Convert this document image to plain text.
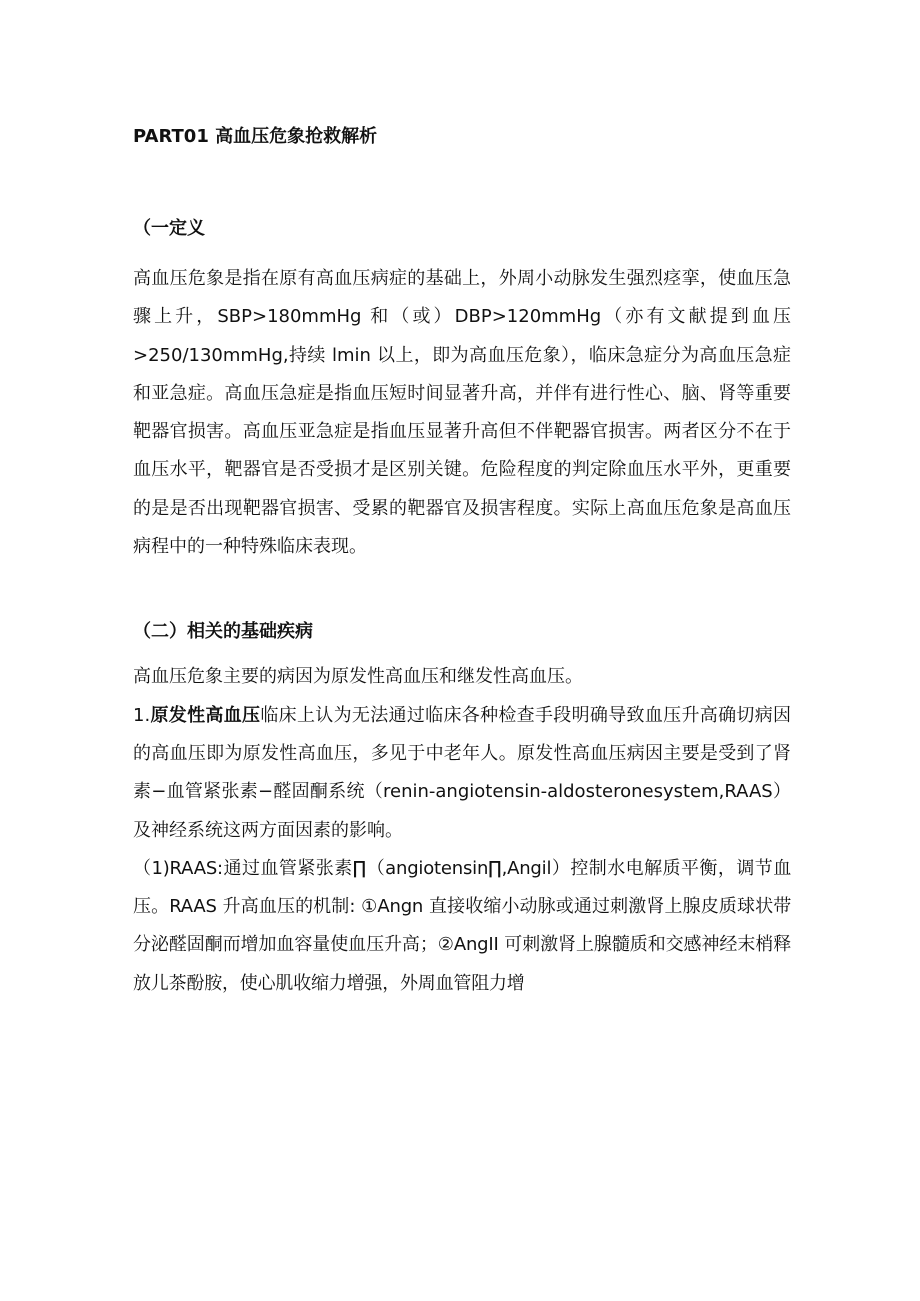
PART01 高血压危象抢救解析

（一定义

高血压危象是指在原有高血压病症的基础上，外周小动脉发生强烈痉挛，使血压急骤上升，SBP>180mmHg 和（或）DBP>120mmHg（亦有文献提到血压>250/130mmHg,持续 lmin 以上，即为高血压危象），临床急症分为高血压急症和亚急症。高血压急症是指血压短时间显著升高，并伴有进行性心、脑、肾等重要靶器官损害。高血压亚急症是指血压显著升高但不伴靶器官损害。两者区分不在于血压水平，靶器官是否受损才是区别关键。危险程度的判定除血压水平外，更重要的是是否出现靶器官损害、受累的靶器官及损害程度。实际上高血压危象是高血压病程中的一种特殊临床表现。

（二）相关的基础疾病

高血压危象主要的病因为原发性高血压和继发性高血压。

1.原发性高血压临床上认为无法通过临床各种检查手段明确导致血压升高确切病因的高血压即为原发性高血压，多见于中老年人。原发性高血压病因主要是受到了肾素−血管紧张素−醛固酮系统（renin-angiotensin-aldosteronesystem,RAAS）及神经系统这两方面因素的影响。

（1)RAAS:通过血管紧张素∏（angiotensin∏,Angil）控制水电解质平衡，调节血压。RAAS 升高血压的机制: ①Angn 直接收缩小动脉或通过刺激肾上腺皮质球状带分泌醛固酮而增加血容量使血压升高；②AngII 可刺激肾上腺髓质和交感神经末梢释放儿茶酚胺，使心肌收缩力增强，外周血管阻力增
